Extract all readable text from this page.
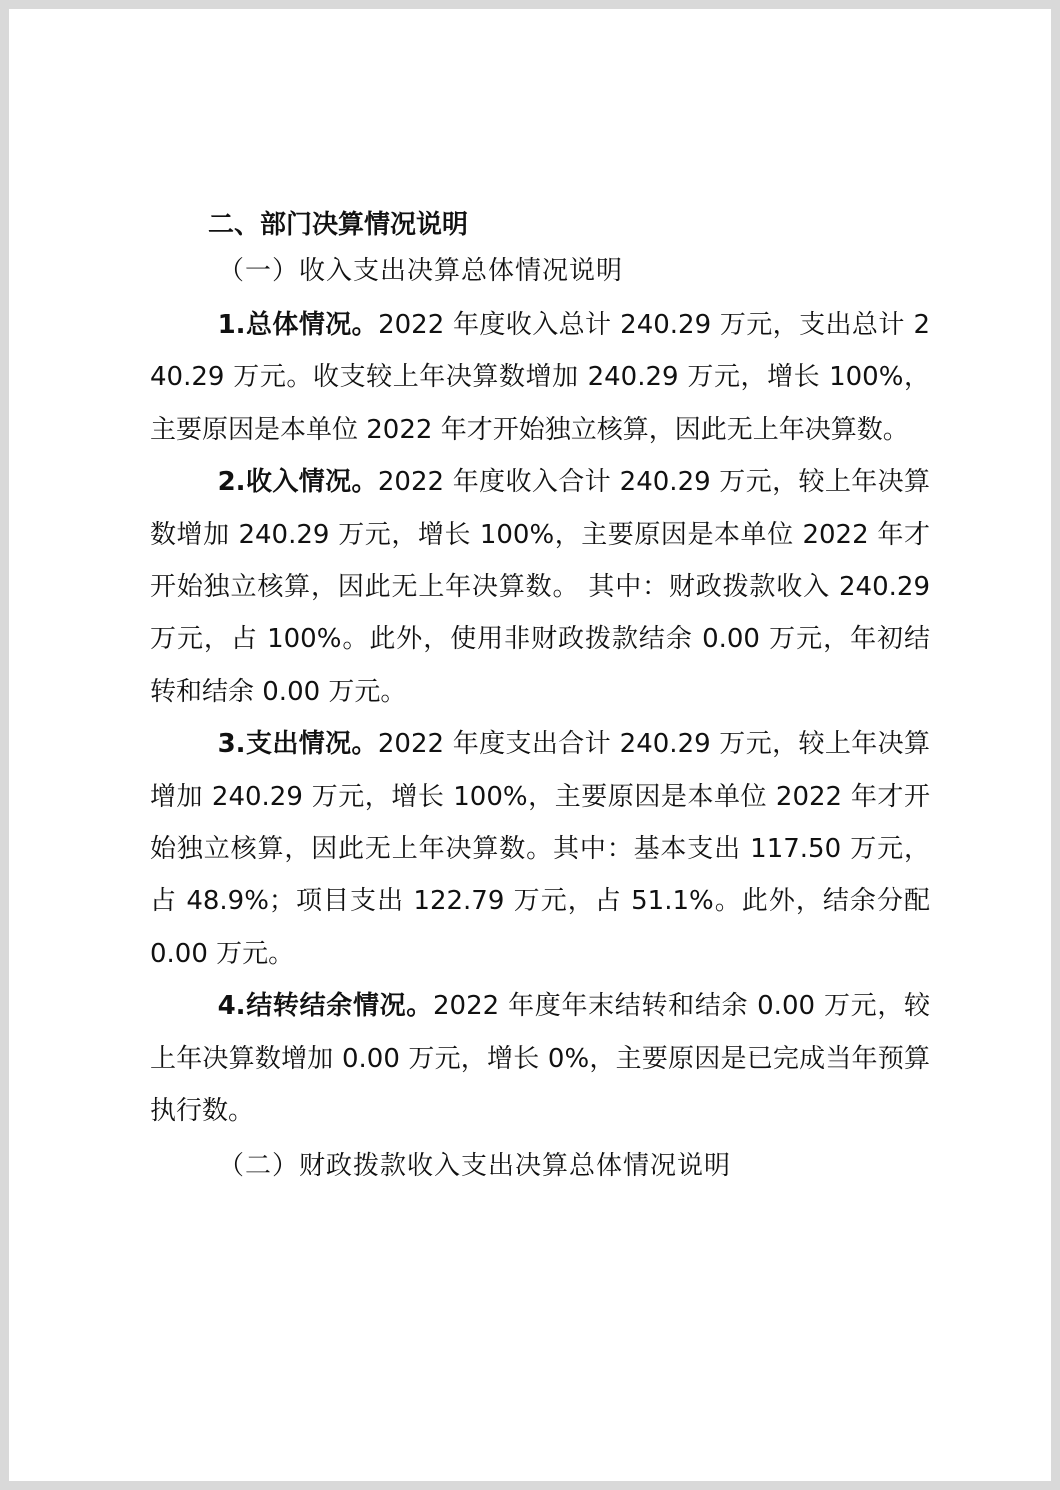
二、部门决算情况说明

（一）收入支出决算总体情况说明

1.总体情况。2022 年度收入总计 240.29 万元，支出总计 240.29 万元。收支较上年决算数增加 240.29 万元，增长 100%，主要原因是本单位 2022 年才开始独立核算，因此无上年决算数。

2.收入情况。2022 年度收入合计 240.29 万元，较上年决算数增加 240.29 万元，增长 100%，主要原因是本单位 2022 年才开始独立核算，因此无上年决算数。 其中：财政拨款收入 240.29 万元，占 100%。此外，使用非财政拨款结余 0.00 万元，年初结转和结余 0.00 万元。

3.支出情况。2022 年度支出合计 240.29 万元，较上年决算增加 240.29 万元，增长 100%，主要原因是本单位 2022 年才开始独立核算，因此无上年决算数。其中：基本支出 117.50 万元，占 48.9%；项目支出 122.79 万元，占 51.1%。此外，结余分配 0.00 万元。

4.结转结余情况。2022 年度年末结转和结余 0.00 万元，较上年决算数增加 0.00 万元，增长 0%，主要原因是已完成当年预算执行数。

（二）财政拨款收入支出决算总体情况说明
